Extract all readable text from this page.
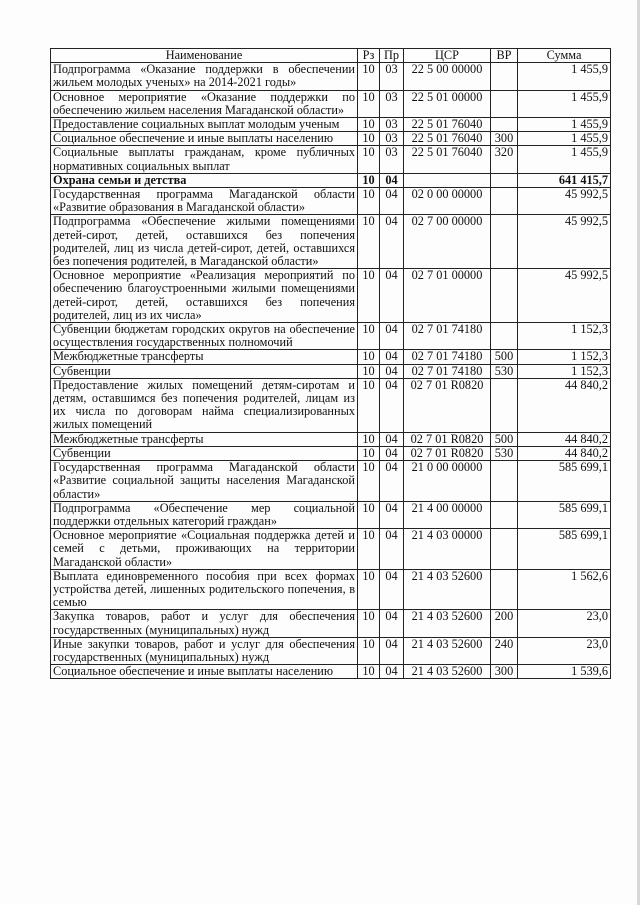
Наименование	Рз	Пр	ЦСР	ВР	Сумма
Подпрограмма «Оказание поддержки в обеспечении жильем молодых ученых» на 2014-2021 годы»	10	03	22 5 00 00000		1 455,9
Основное мероприятие «Оказание поддержки по обеспечению жильем населения Магаданской области»	10	03	22 5 01 00000		1 455,9
Предоставление социальных выплат молодым ученым	10	03	22 5 01 76040		1 455,9
Социальное обеспечение и иные выплаты населению	10	03	22 5 01 76040	300	1 455,9
Социальные выплаты гражданам, кроме публичных нормативных социальных выплат	10	03	22 5 01 76040	320	1 455,9
Охрана семьи и детства	10	04			641 415,7
Государственная программа Магаданской области «Развитие образования в Магаданской области»	10	04	02 0 00 00000		45 992,5
Подпрограмма «Обеспечение жилыми помещениями детей-сирот, детей, оставшихся без попечения родителей, лиц из числа детей-сирот, детей, оставшихся без попечения родителей, в Магаданской области»	10	04	02 7 00 00000		45 992,5
Основное мероприятие «Реализация мероприятий по обеспечению благоустроенными жилыми помещениями детей-сирот, детей, оставшихся без попечения родителей, лиц из их числа»	10	04	02 7 01 00000		45 992,5
Субвенции бюджетам городских округов на обеспечение осуществления государственных полномочий	10	04	02 7 01 74180		1 152,3
Межбюджетные трансферты	10	04	02 7 01 74180	500	1 152,3
Субвенции	10	04	02 7 01 74180	530	1 152,3
Предоставление жилых помещений детям-сиротам и детям, оставшимся без попечения родителей, лицам из их числа по договорам найма специализированных жилых помещений	10	04	02 7 01 R0820		44 840,2
Межбюджетные трансферты	10	04	02 7 01 R0820	500	44 840,2
Субвенции	10	04	02 7 01 R0820	530	44 840,2
Государственная программа Магаданской области «Развитие социальной защиты населения Магаданской области»	10	04	21 0 00 00000		585 699,1
Подпрограмма «Обеспечение мер социальной поддержки отдельных категорий граждан»	10	04	21 4 00 00000		585 699,1
Основное мероприятие «Социальная поддержка детей и семей с детьми, проживающих на территории Магаданской области»	10	04	21 4 03 00000		585 699,1
Выплата единовременного пособия при всех формах устройства детей, лишенных родительского попечения, в семью	10	04	21 4 03 52600		1 562,6
Закупка товаров, работ и услуг для обеспечения государственных (муниципальных) нужд	10	04	21 4 03 52600	200	23,0
Иные закупки товаров, работ и услуг для обеспечения государственных (муниципальных) нужд	10	04	21 4 03 52600	240	23,0
Социальное обеспечение и иные выплаты населению	10	04	21 4 03 52600	300	1 539,6
